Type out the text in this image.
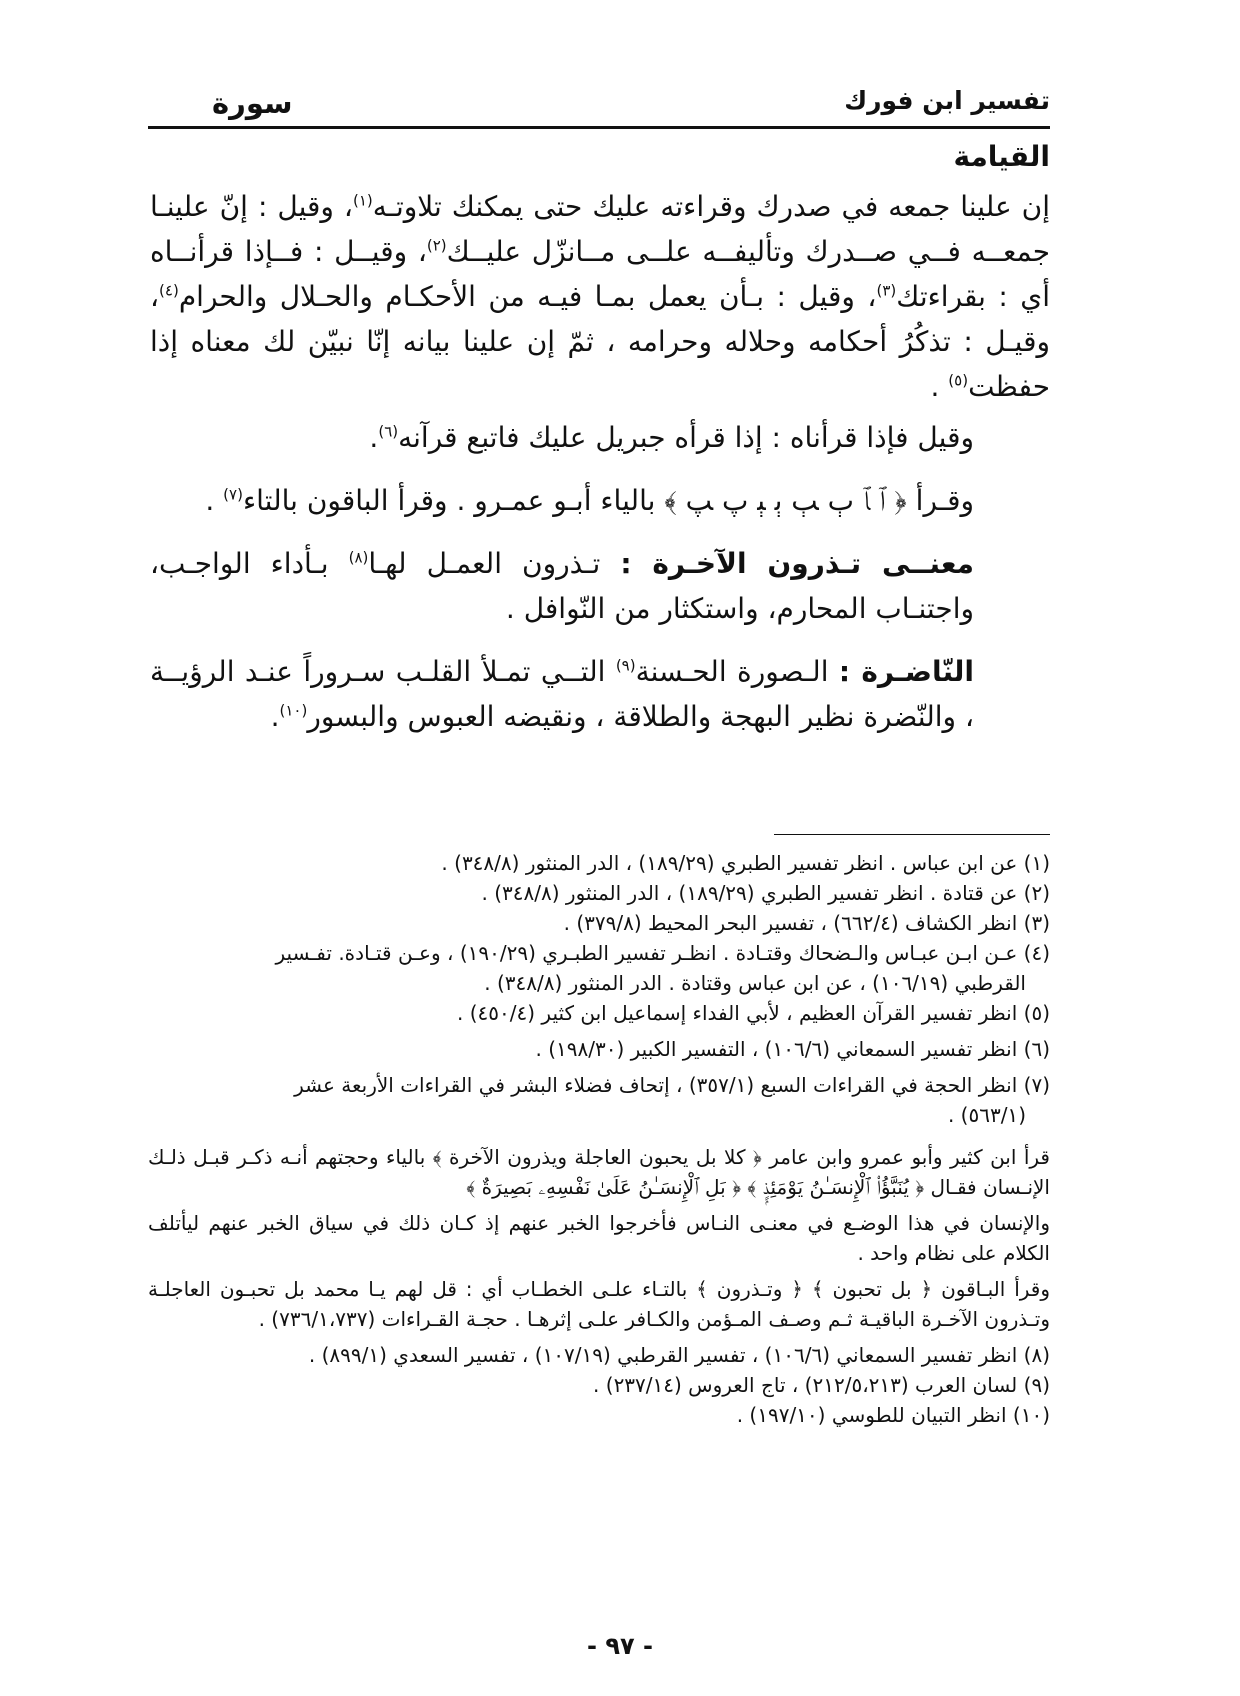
تفسير ابن فورك
سورة
القيامة

إن علينا جمعه في صدرك وقراءته عليك حتى يمكنك تلاوتـه$^{(١)}$، وقيل : إنّ علينـا جمعــه فــي صــدرك وتأليفــه علــى مــانزّل عليــك$^{(٢)}$، وقيــل : فــإذا قرأنــاه أي : بقراءتك$^{(٣)}$، وقيل : بـأن يعمل بمـا فيـه من الأحكـام والحـلال والحرام$^{(٤)}$، وقيـل : تذكُرُ أحكامه وحلاله وحرامه ، ثمّ إن علينا بيانه إنّا نبيّن لك معناه إذا حفظت$^{(٥)}$ .

وقيل فإذا قرأناه : إذا قرأه جبريل عليك فاتبع قرآنه$^{(٦)}$.

وقـرأ ﴿ ﭐ ﭑ ﭒ ﭓ ﭔ ﭕ ﭖ ﭗ ﴾ بالياء أبـو عمـرو . وقرأ الباقون بالتاء$^{(٧)}$ .

معنــى تـذرون الآخـرة : تـذرون العمـل لهـا$^{(٨)}$ بـأداء الواجـب، واجتنـاب المحارم، واستكثار من النّوافل .

النّاضـرة : الـصورة الحـسنة$^{(٩)}$ التــي تمـلأ القلـب سـروراً عنـد الرؤيــة ، والنّضرة نظير البهجة والطلاقة ، ونقيضه العبوس والبسور$^{(١٠)}$.

(١) عن ابن عباس . انظر تفسير الطبري (١٨٩/٢٩) ، الدر المنثور (٣٤٨/٨) .

(٢) عن قتادة . انظر تفسير الطبري (١٨٩/٢٩) ، الدر المنثور (٣٤٨/٨) .

(٣) انظر الكشاف (٦٦٢/٤) ، تفسير البحر المحيط (٣٧٩/٨) .

(٤) عـن ابـن عبـاس والـضحاك وقتـادة . انظـر تفسير الطبـري (١٩٠/٢٩) ، وعـن قتـادة. تفـسير

القرطبي (١٠٦/١٩) ، عن ابن عباس وقتادة . الدر المنثور (٣٤٨/٨) .

(٥) انظر تفسير القرآن العظيم ، لأبي الفداء إسماعيل ابن كثير (٤٥٠/٤) .

(٦) انظر تفسير السمعاني (١٠٦/٦) ، التفسير الكبير (١٩٨/٣٠) .

(٧) انظر الحجة في القراءات السبع (٣٥٧/١) ، إتحاف فضلاء البشر في القراءات الأربعة عشر

(٥٦٣/١) .

قرأ ابن كثير وأبو عمرو وابن عامر ﴿ كلا بل يحبون العاجلة ويذرون الآخرة ﴾ بالياء وحجتهم أنـه ذكـر قبـل ذلـك الإنـسان فقـال ﴿ يُنَبَّؤُا۟ ٱلْإِنسَـٰنُ يَوْمَئِذٍۭ ﴾ ﴿ بَلِ ٱلْإِنسَـٰنُ عَلَىٰ نَفْسِهِۦ بَصِيرَةٌ ﴾

والإنسان في هذا الوضـع في معنـى النـاس فأخرجوا الخبر عنهم إذ كـان ذلك في سياق الخبر عنهم ليأتلف الكلام على نظام واحد .

وقرأ البـاقون ﴿ بل تحبون ﴾ ﴿ وتـذرون ﴾ بالتـاء علـى الخطـاب أي : قل لهم يـا محمد بل تحبـون العاجلـة وتـذرون الآخـرة الباقيـة ثـم وصـف المـؤمن والكـافر علـى إثرهـا . حجـة القـراءات (٧٣٦/١،٧٣٧) .

(٨) انظر تفسير السمعاني (١٠٦/٦) ، تفسير القرطبي (١٠٧/١٩) ، تفسير السعدي (٨٩٩/١) .

(٩) لسان العرب (٢١٢/٥،٢١٣) ، تاج العروس (٢٣٧/١٤) .

(١٠) انظر التبيان للطوسي (١٩٧/١٠) .

- ٩٧ -
